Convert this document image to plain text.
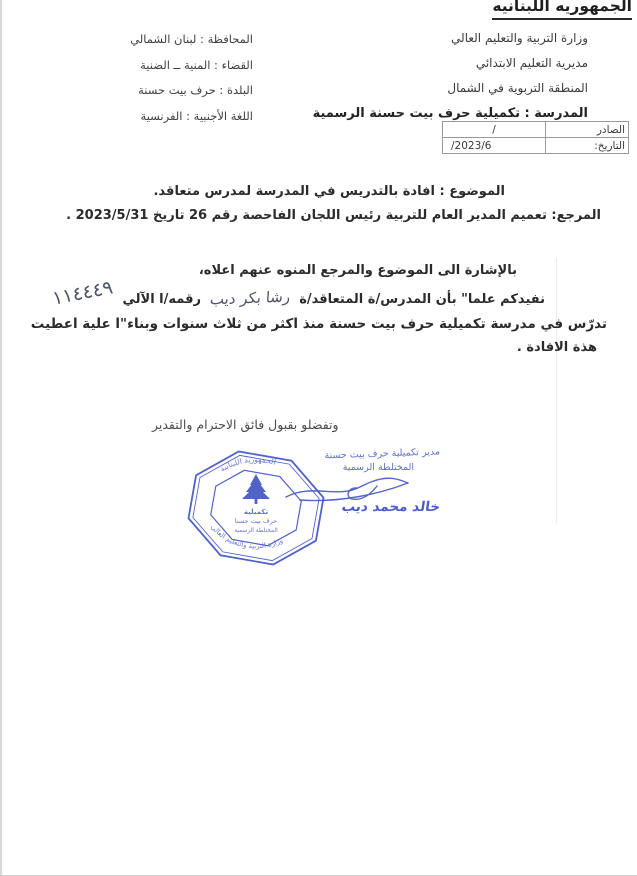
الجمهوريه اللبنانيه
وزارة التربية والتعليم العالي
مديرية التعليم الابتدائي
المنطقة التربوية في الشمال
المدرسة : تكميلية حرف بيت حسنة الرسمية
المحافظة : لبنان الشمالي
القضاء : المنية ــ الضنية
البلدة : حرف بيت حسنة
اللغة الأجنبية : الفرنسية
الصادر	/
التاريخ:	/2023/6
الموضوع : افادة بالتدريس في المدرسة لمدرس متعاقد.
المرجع: تعميم المدير العام للتربية رئيس اللجان الفاحصة رقم 26 تاريخ 2023/5/31 .
بالإشارة الى الموضوع والمرجع المنوه عنهم اعلاه،
نفيدكم علما" بأن المدرس/ة المتعاقد/ة
رشا بكر ديب
رقمه/ا الآلي
١١٤٤٤٩
تدرّس في مدرسة تكميلية حرف بيت حسنة منذ اكثر من ثلاث سنوات وبناء"ا علية اعطيت
هذة الافادة .
وتفضلو بقبول فائق الاحترام والتقدير
الجمهورية اللبنانية
وزارة التربية والتعليم العالي
تكميلية
حرف بيت حسنا
المختلطة الرسمية
مدير تكميلية حرف بيت حسنة
المختلطة الرسمية
خالد محمد ديب
